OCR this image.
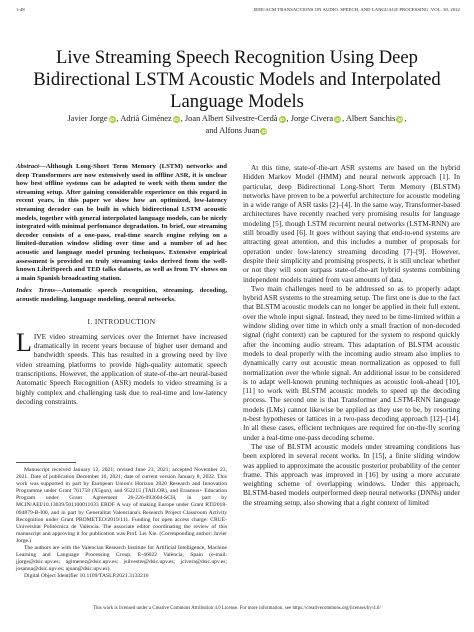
1-48	IEEE/ACM TRANSACTIONS ON AUDIO, SPEECH, AND LANGUAGE PROCESSING, VOL. 30, 2022
Live Streaming Speech Recognition Using Deep Bidirectional LSTM Acoustic Models and Interpolated Language Models
Javier Jorge iD , Adrià Giménez iD , Joan Albert Silvestre-Cerdà iD , Jorge Civera iD , Albert Sanchis iD ,
and Alfons Juan iD

Abstract—Although Long-Short Term Memory (LSTM) networks and deep Transformers are now extensively used in offline ASR, it is unclear how best offline systems can be adapted to work with them under the streaming setup. After gaining considerable experience on this regard in recent years, in this paper we show how an optimized, low-latency streaming decoder can be built in which bidirectional LSTM acoustic models, together with general interpolated language models, can be nicely integrated with minimal perfomance degradation. In brief, our streaming decoder consists of a one-pass, real-time search engine relying on a limited-duration window sliding over time and a number of ad hoc acoustic and language model pruning techniques. Extensive empirical assessment is provided on truly streaming tasks derived from the well-known LibriSpeech and TED talks datasets, as well as from TV shows on a main Spanish broadcasting station.

Index Terms—Automatic speech recognition, streaming, decoding, acoustic modeling, language modeling, neural networks.

I. INTRODUCTION

LIVE video streaming services over the Internet have increased dramatically in recent years because of higher user demand and bandwidth speeds. This has resulted in a growing need by live video streaming platforms to provide high-quality automatic speech transcriptions. However, the application of state-of-the-art neural-based Automatic Speech Recognition (ASR) models to video streaming is a highly complex and challenging task due to real-time and low-latency decoding constraints.

Manuscript received January 12, 2021; revised June 23, 2021; accepted November 23, 2021. Date of publication December 10, 2021; date of current version January 8, 2022. This work was supported in part by European Union's Horizon 2020 Research and Innovation Programme under Grant 761758 (X5gon), and 952215 (TAILOR), and Erasmus+ Education Program under Grant Agreement 20-226-093604-SCH, in part by MCIN/AEI/10.13039/501100011033 ERDF A way of making Europe under Grant RTI2018-094879-B-I00, and in part by Generalitat Valenciana's Research Project Classroom Activity Recognition under Grant PROMETEO/2019/111. Funding for open access charge: CRUE-Universitat Politècnica de València. The associate editor coordinating the review of this manuscript and approving it for publication was Prof. Lei Xie. (Corresponding author: Javier Jorge.)

The authors are with the Valencian Research Institute for Artificial Intelligence, Machine Learning and Language Processing Group, E-46022 València, Spain (e-mail: jjorge@dsic.upv.es; agimenez@dsic.upv.es; jsilvestre@dsic.upv.es; jcivera@dsic.upv.es; josanna@dsic.upv.es; ajuan@dsic.upv.es).

Digital Object Identifier 10.1109/TASLP.2021.3133216

At this time, state-of-the-art ASR systems are based on the hybrid Hidden Markov Model (HMM) and neural network approach [1]. In particular, deep Bidirectional Long-Short Term Memory (BLSTM) networks have proven to be a powerful architecture for acoustic modeling in a wide range of ASR tasks [2]–[4]. In the same way, Transformer-based architectures have recently reached very promising results for language modeling [5], though LSTM recurrent neural networks (LSTM-RNN) are still broadly used [6]. It goes without saying that end-to-end systems are attracting great attention, and this includes a number of proposals for operation under low-latency streaming decoding [7]–[9]. However, despite their simplicity and promising prospects, it is still unclear whether or not they will soon surpass state-of-the-art hybrid systems combining independent models trained from vast amounts of data.

Two main challenges need to be addressed so as to properly adapt hybrid ASR systems to the streaming setup. The first one is due to the fact that BLSTM acoustic models can no longer be applied in their full extent, over the whole input signal. Instead, they need to be time-limited within a window sliding over time in which only a small fraction of non-decoded signal (right context) can be captured for the system to respond quickly after the incoming audio stream. This adaptation of BLSTM acoustic models to deal properly with the incoming audio stream also implies to dynamically carry out acoustic mean normalization as opposed to full normalization over the whole signal. An additional issue to be considered is to adapt well-known pruning techniques as acoustic look-ahead [10], [11] to work with BLSTM acoustic models to speed up the decoding process. The second one is that Transformer and LSTM-RNN language models (LMs) cannot likewise be applied as they use to be, by resorting n-best hypotheses or lattices in a two-pass decoding approach [12]–[14]. In all these cases, efficient techniques are required for on-the-fly scoring under a real-time one-pass decoding scheme.

The use of BLSTM acoustic models under streaming conditions has been explored in several recent works. In [15], a finite sliding window was applied to approximate the acoustic posterior probability of the center frame. This approach was improved in [16] by using a more accurate weighting scheme of overlapping windows. Under this approach, BLSTM-based models outperformed deep neural networks (DNNs) under the streaming setup, also showing that a right context of limited

This work is licensed under a Creative Commons Attribution 4.0 License. For more information, see https://creativecommons.org/licenses/by/4.0/
